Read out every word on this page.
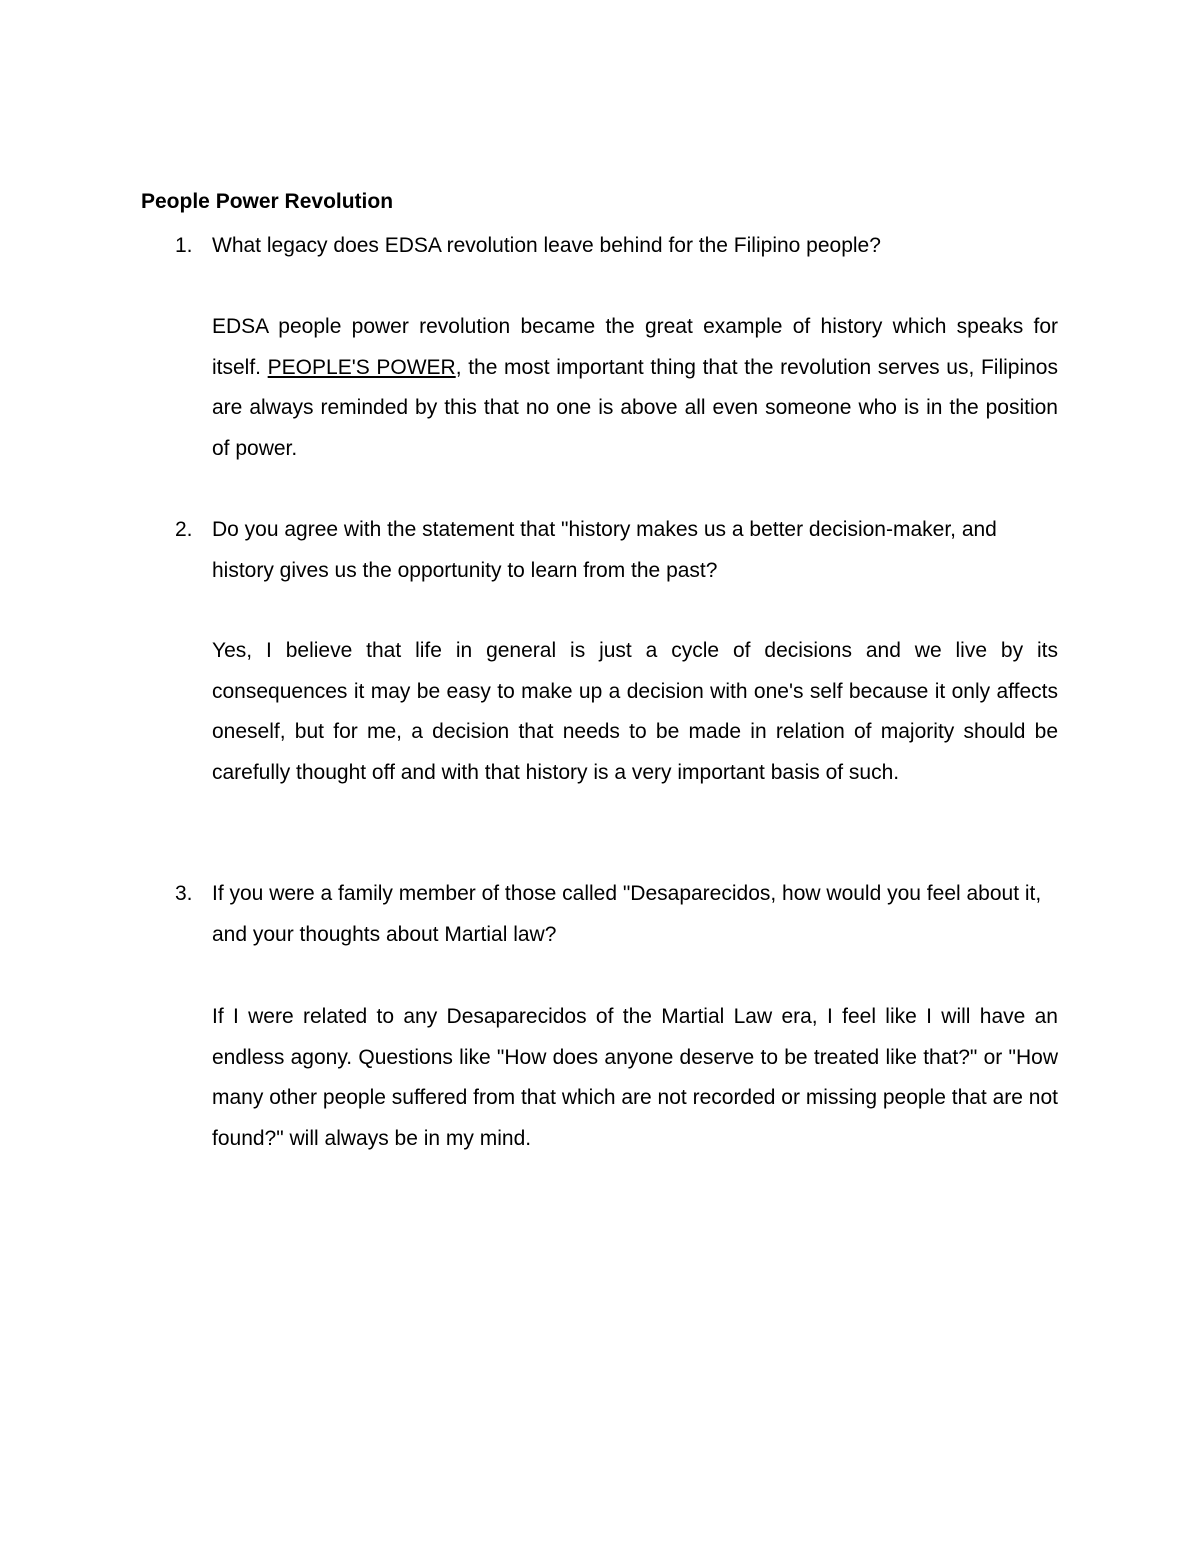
People Power Revolution
1. What legacy does EDSA revolution leave behind for the Filipino people?
EDSA people power revolution became the great example of history which speaks for itself. PEOPLE'S POWER, the most important thing that the revolution serves us, Filipinos are always reminded by this that no one is above all even someone who is in the position of power.
2. Do you agree with the statement that "history makes us a better decision-maker, and history gives us the opportunity to learn from the past?
Yes, I believe that life in general is just a cycle of decisions and we live by its consequences it may be easy to make up a decision with one's self because it only affects oneself, but for me, a decision that needs to be made in relation of majority should be carefully thought off and with that history is a very important basis of such.
3. If you were a family member of those called "Desaparecidos, how would you feel about it, and your thoughts about Martial law?
If I were related to any Desaparecidos of the Martial Law era, I feel like I will have an endless agony. Questions like "How does anyone deserve to be treated like that?" or "How many other people suffered from that which are not recorded or missing people that are not found?" will always be in my mind.
